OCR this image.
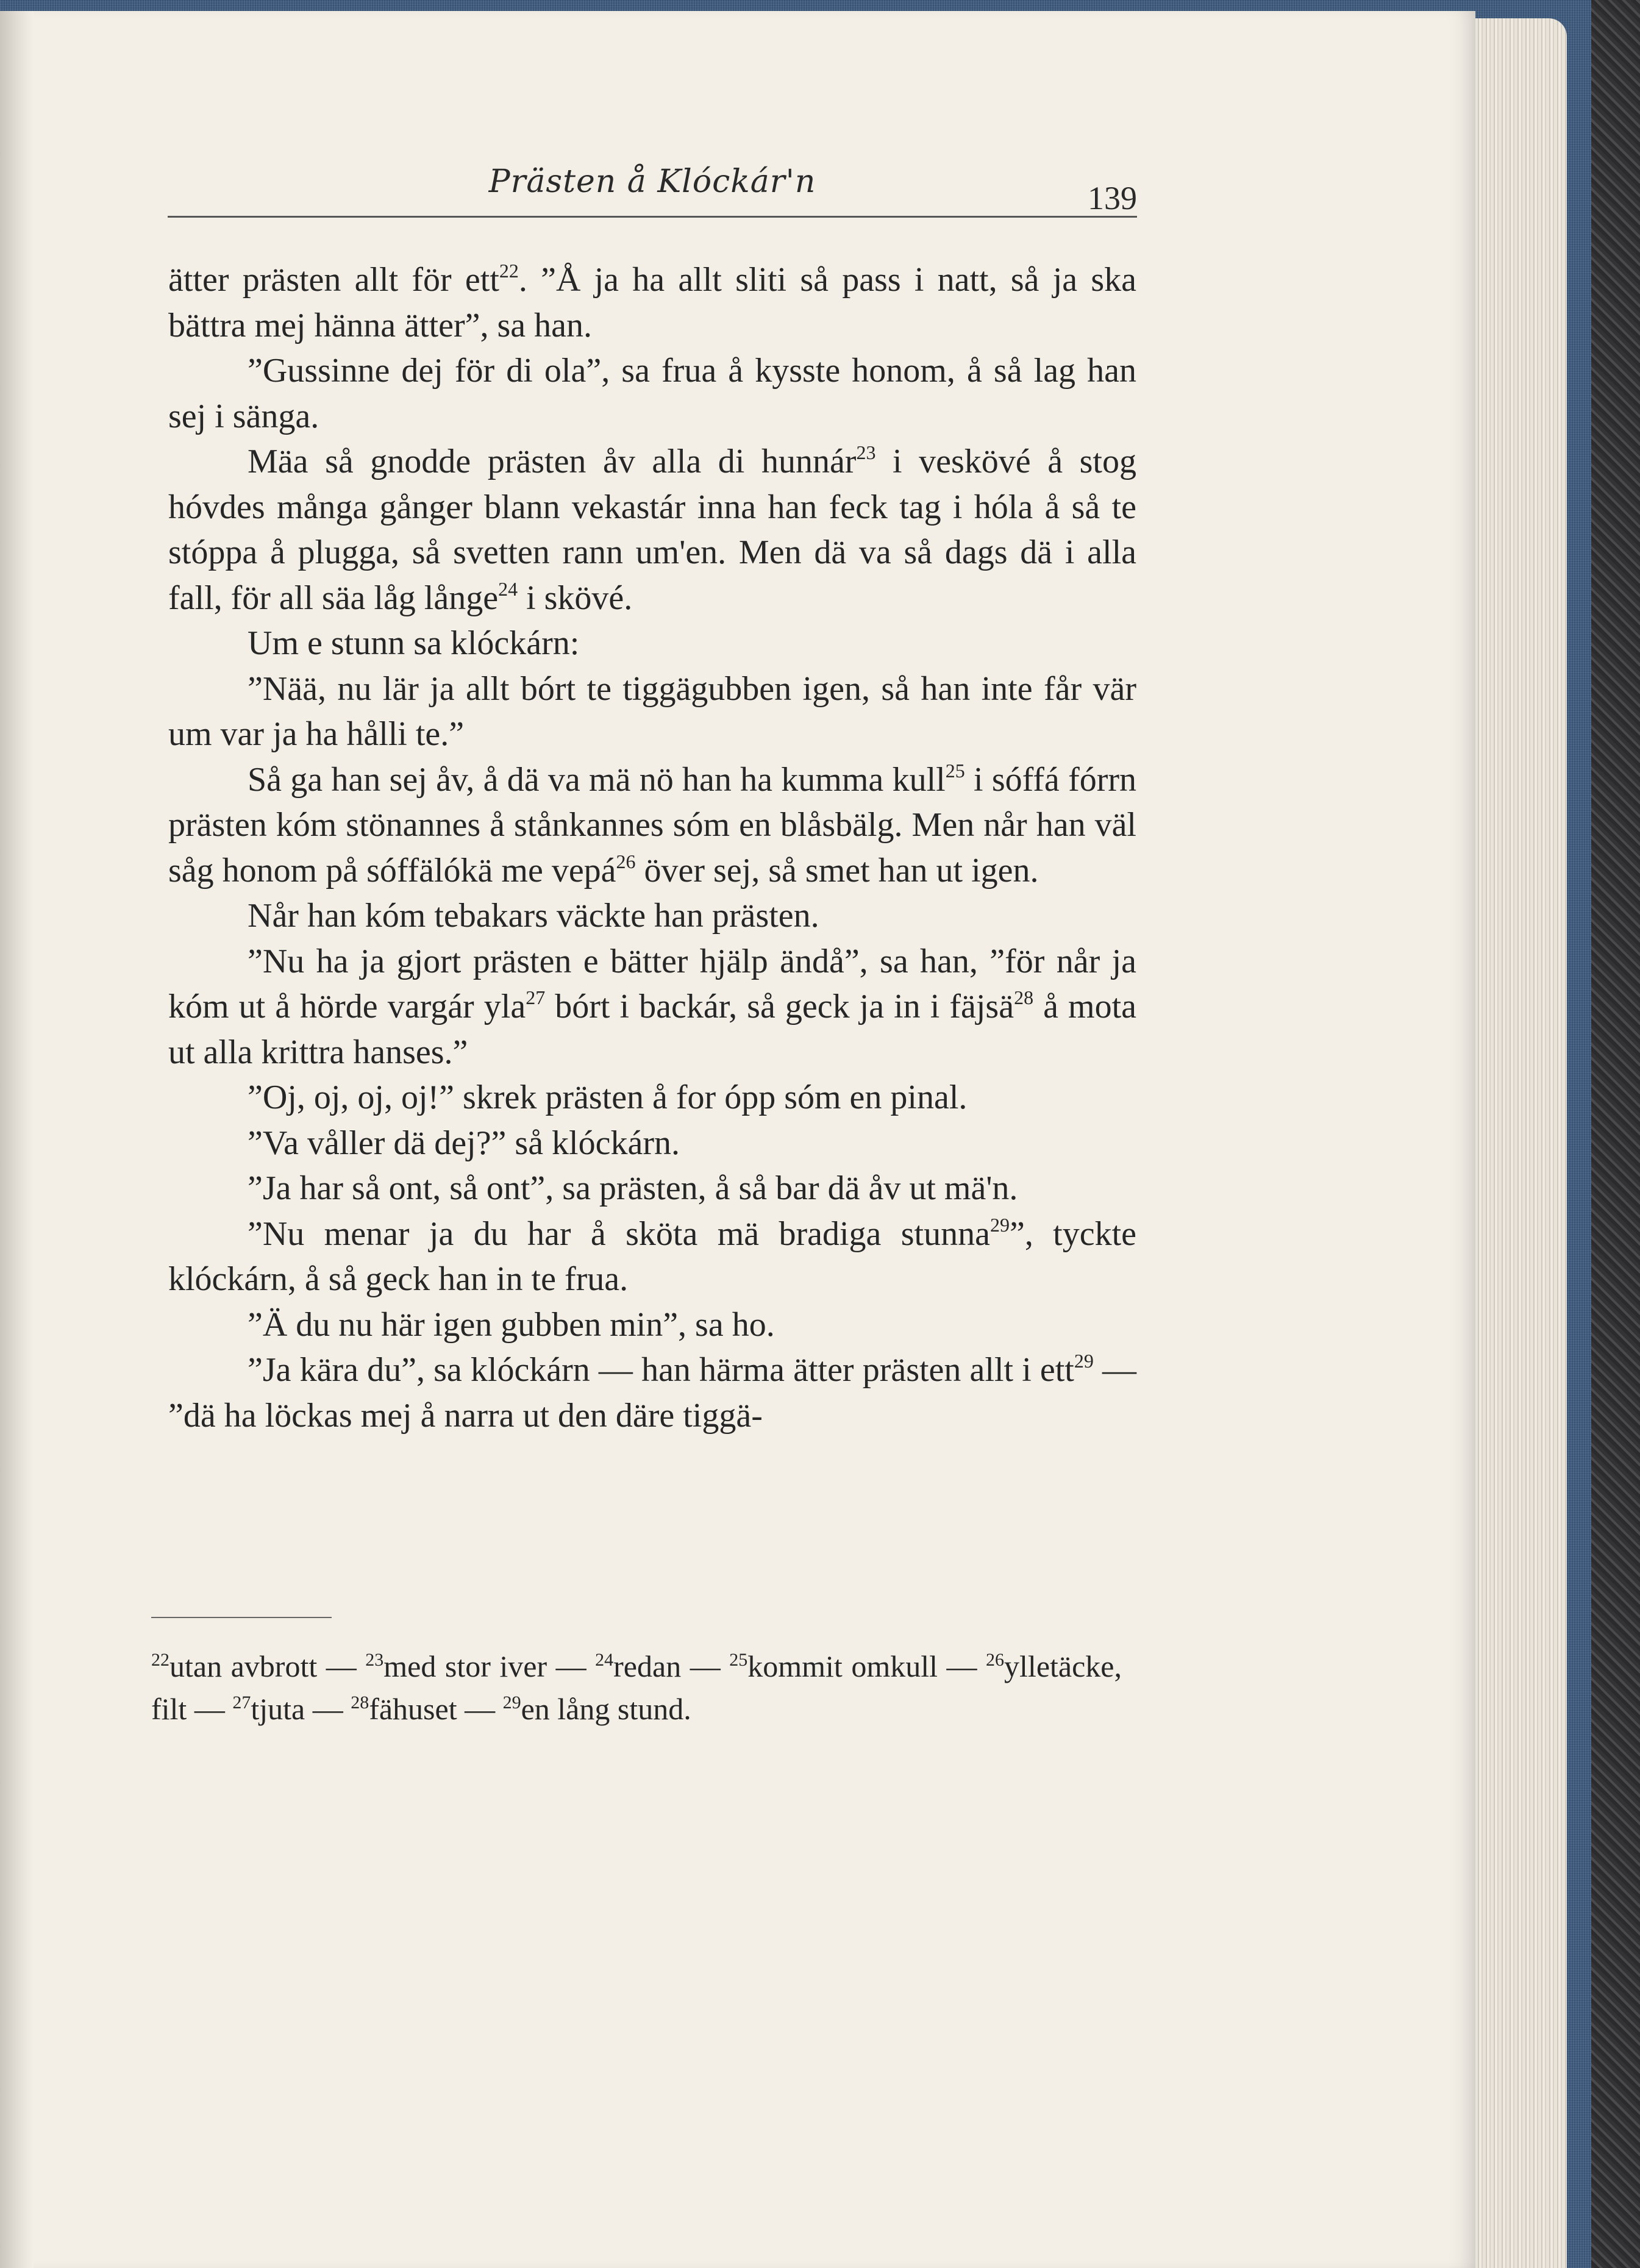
Prästen å Klóckár'n	139

ätter prästen allt för ett$^{22}$. ”Å ja ha allt sliti så pass i natt, så ja ska bättra mej hänna ätter”, sa han.

”Gussinne dej för di ola”, sa frua å kysste honom, å så lag han sej i sänga.

Mäa så gnodde prästen åv alla di hunnár$^{23}$ i veskövé å stog hóvdes många gånger blann vekastár inna han feck tag i hóla å så te stóppa å plugga, så svetten rann um'en. Men dä va så dags dä i alla fall, för all säa låg långe$^{24}$ i skövé.

Um e stunn sa klóckárn:

”Nää, nu lär ja allt bórt te tiggägubben igen, så han inte får vär um var ja ha hålli te.”

Så ga han sej åv, å dä va mä nö han ha kumma kull$^{25}$ i sóffá fórrn prästen kóm stönannes å stånkannes sóm en blåsbälg. Men når han väl såg honom på sóffälókä me vepá$^{26}$ över sej, så smet han ut igen.

Når han kóm tebakars väckte han prästen.

”Nu ha ja gjort prästen e bätter hjälp ändå”, sa han, ”för når ja kóm ut å hörde vargár yla$^{27}$ bórt i backár, så geck ja in i fäjsä$^{28}$ å mota ut alla krittra hanses.”

”Oj, oj, oj, oj!” skrek prästen å for ópp sóm en pinal.

”Va våller dä dej?” så klóckárn.

”Ja har så ont, så ont”, sa prästen, å så bar dä åv ut mä'n.

”Nu menar ja du har å sköta mä bradiga stunna$^{29}$”, tyckte klóckárn, å så geck han in te frua.

”Ä du nu här igen gubben min”, sa ho.

”Ja kära du”, sa klóckárn — han härma ätter prästen allt i ett$^{29}$ — ”dä ha löckas mej å narra ut den däre tiggä-

$^{22}$utan avbrott — $^{23}$med stor iver — $^{24}$redan — $^{25}$kommit omkull — $^{26}$ylletäcke, filt — $^{27}$tjuta — $^{28}$fähuset — $^{29}$en lång stund.
